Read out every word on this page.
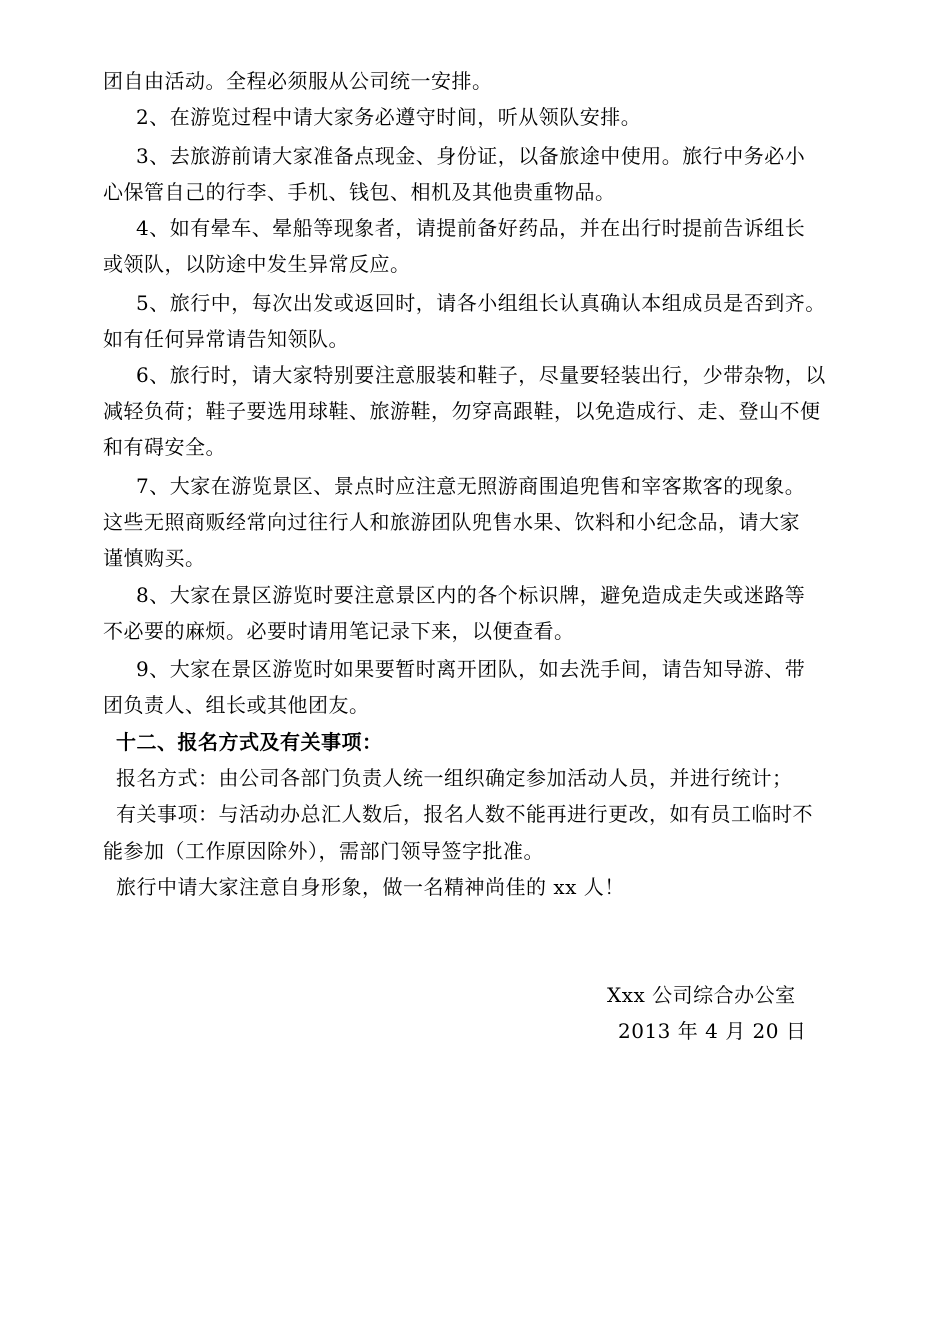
团自由活动。全程必须服从公司统一安排。
2、在游览过程中请大家务必遵守时间，听从领队安排。
3、去旅游前请大家准备点现金、身份证，以备旅途中使用。旅行中务必小
心保管自己的行李、手机、钱包、相机及其他贵重物品。
4、如有晕车、晕船等现象者，请提前备好药品，并在出行时提前告诉组长
或领队，以防途中发生异常反应。
5、旅行中，每次出发或返回时，请各小组组长认真确认本组成员是否到齐。
如有任何异常请告知领队。
6、旅行时，请大家特别要注意服装和鞋子，尽量要轻装出行，少带杂物，以
减轻负荷；鞋子要选用球鞋、旅游鞋，勿穿高跟鞋，以免造成行、走、登山不便
和有碍安全。
7、大家在游览景区、景点时应注意无照游商围追兜售和宰客欺客的现象。
这些无照商贩经常向过往行人和旅游团队兜售水果、饮料和小纪念品，请大家
谨慎购买。
8、大家在景区游览时要注意景区内的各个标识牌，避免造成走失或迷路等
不必要的麻烦。必要时请用笔记录下来，以便查看。
9、大家在景区游览时如果要暂时离开团队，如去洗手间，请告知导游、带
团负责人、组长或其他团友。
十二、报名方式及有关事项：
报名方式：由公司各部门负责人统一组织确定参加活动人员，并进行统计；
有关事项：与活动办总汇人数后，报名人数不能再进行更改，如有员工临时不
能参加（工作原因除外），需部门领导签字批准。
旅行中请大家注意自身形象，做一名精神尚佳的 xx 人！
Xxx 公司综合办公室
2013 年 4 月 20 日
